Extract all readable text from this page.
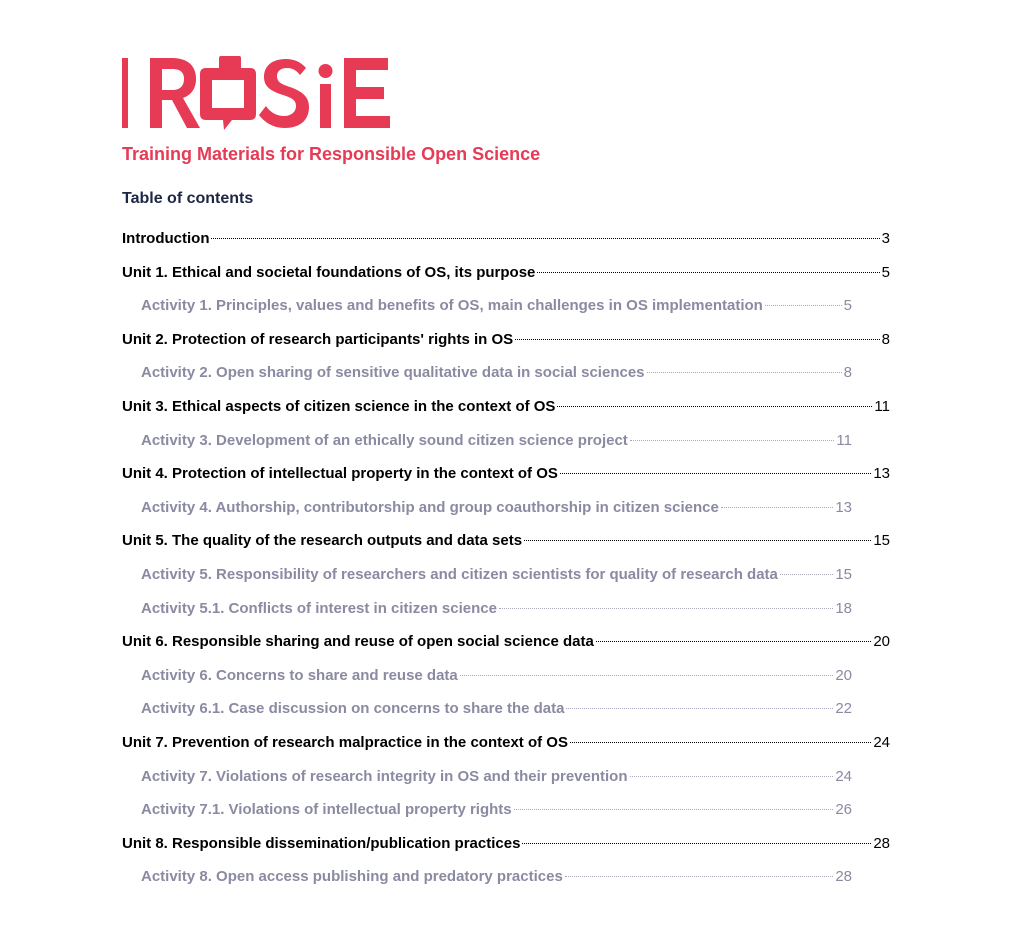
Training Materials for Responsible Open Science
Table of contents
Introduction	3
Unit 1. Ethical and societal foundations of OS, its purpose	5
Activity 1. Principles, values and benefits of OS, main challenges in OS implementation	5
Unit 2. Protection of research participants' rights in OS	8
Activity 2. Open sharing of sensitive qualitative data in social sciences	8
Unit 3. Ethical aspects of citizen science in the context of OS	11
Activity 3. Development of an ethically sound citizen science project	11
Unit 4. Protection of intellectual property in the context of OS	13
Activity 4. Authorship, contributorship and group coauthorship in citizen science	13
Unit 5. The quality of the research outputs and data sets	15
Activity 5. Responsibility of researchers and citizen scientists for quality of research data	15
Activity 5.1. Conflicts of interest in citizen science	18
Unit 6. Responsible sharing and reuse of open social science data	20
Activity 6. Concerns to share and reuse data	20
Activity 6.1. Case discussion on concerns to share the data	22
Unit 7. Prevention of research malpractice in the context of OS	24
Activity 7. Violations of research integrity in OS and their prevention	24
Activity 7.1. Violations of intellectual property rights	26
Unit 8. Responsible dissemination/publication practices	28
Activity 8. Open access publishing and predatory practices	28
